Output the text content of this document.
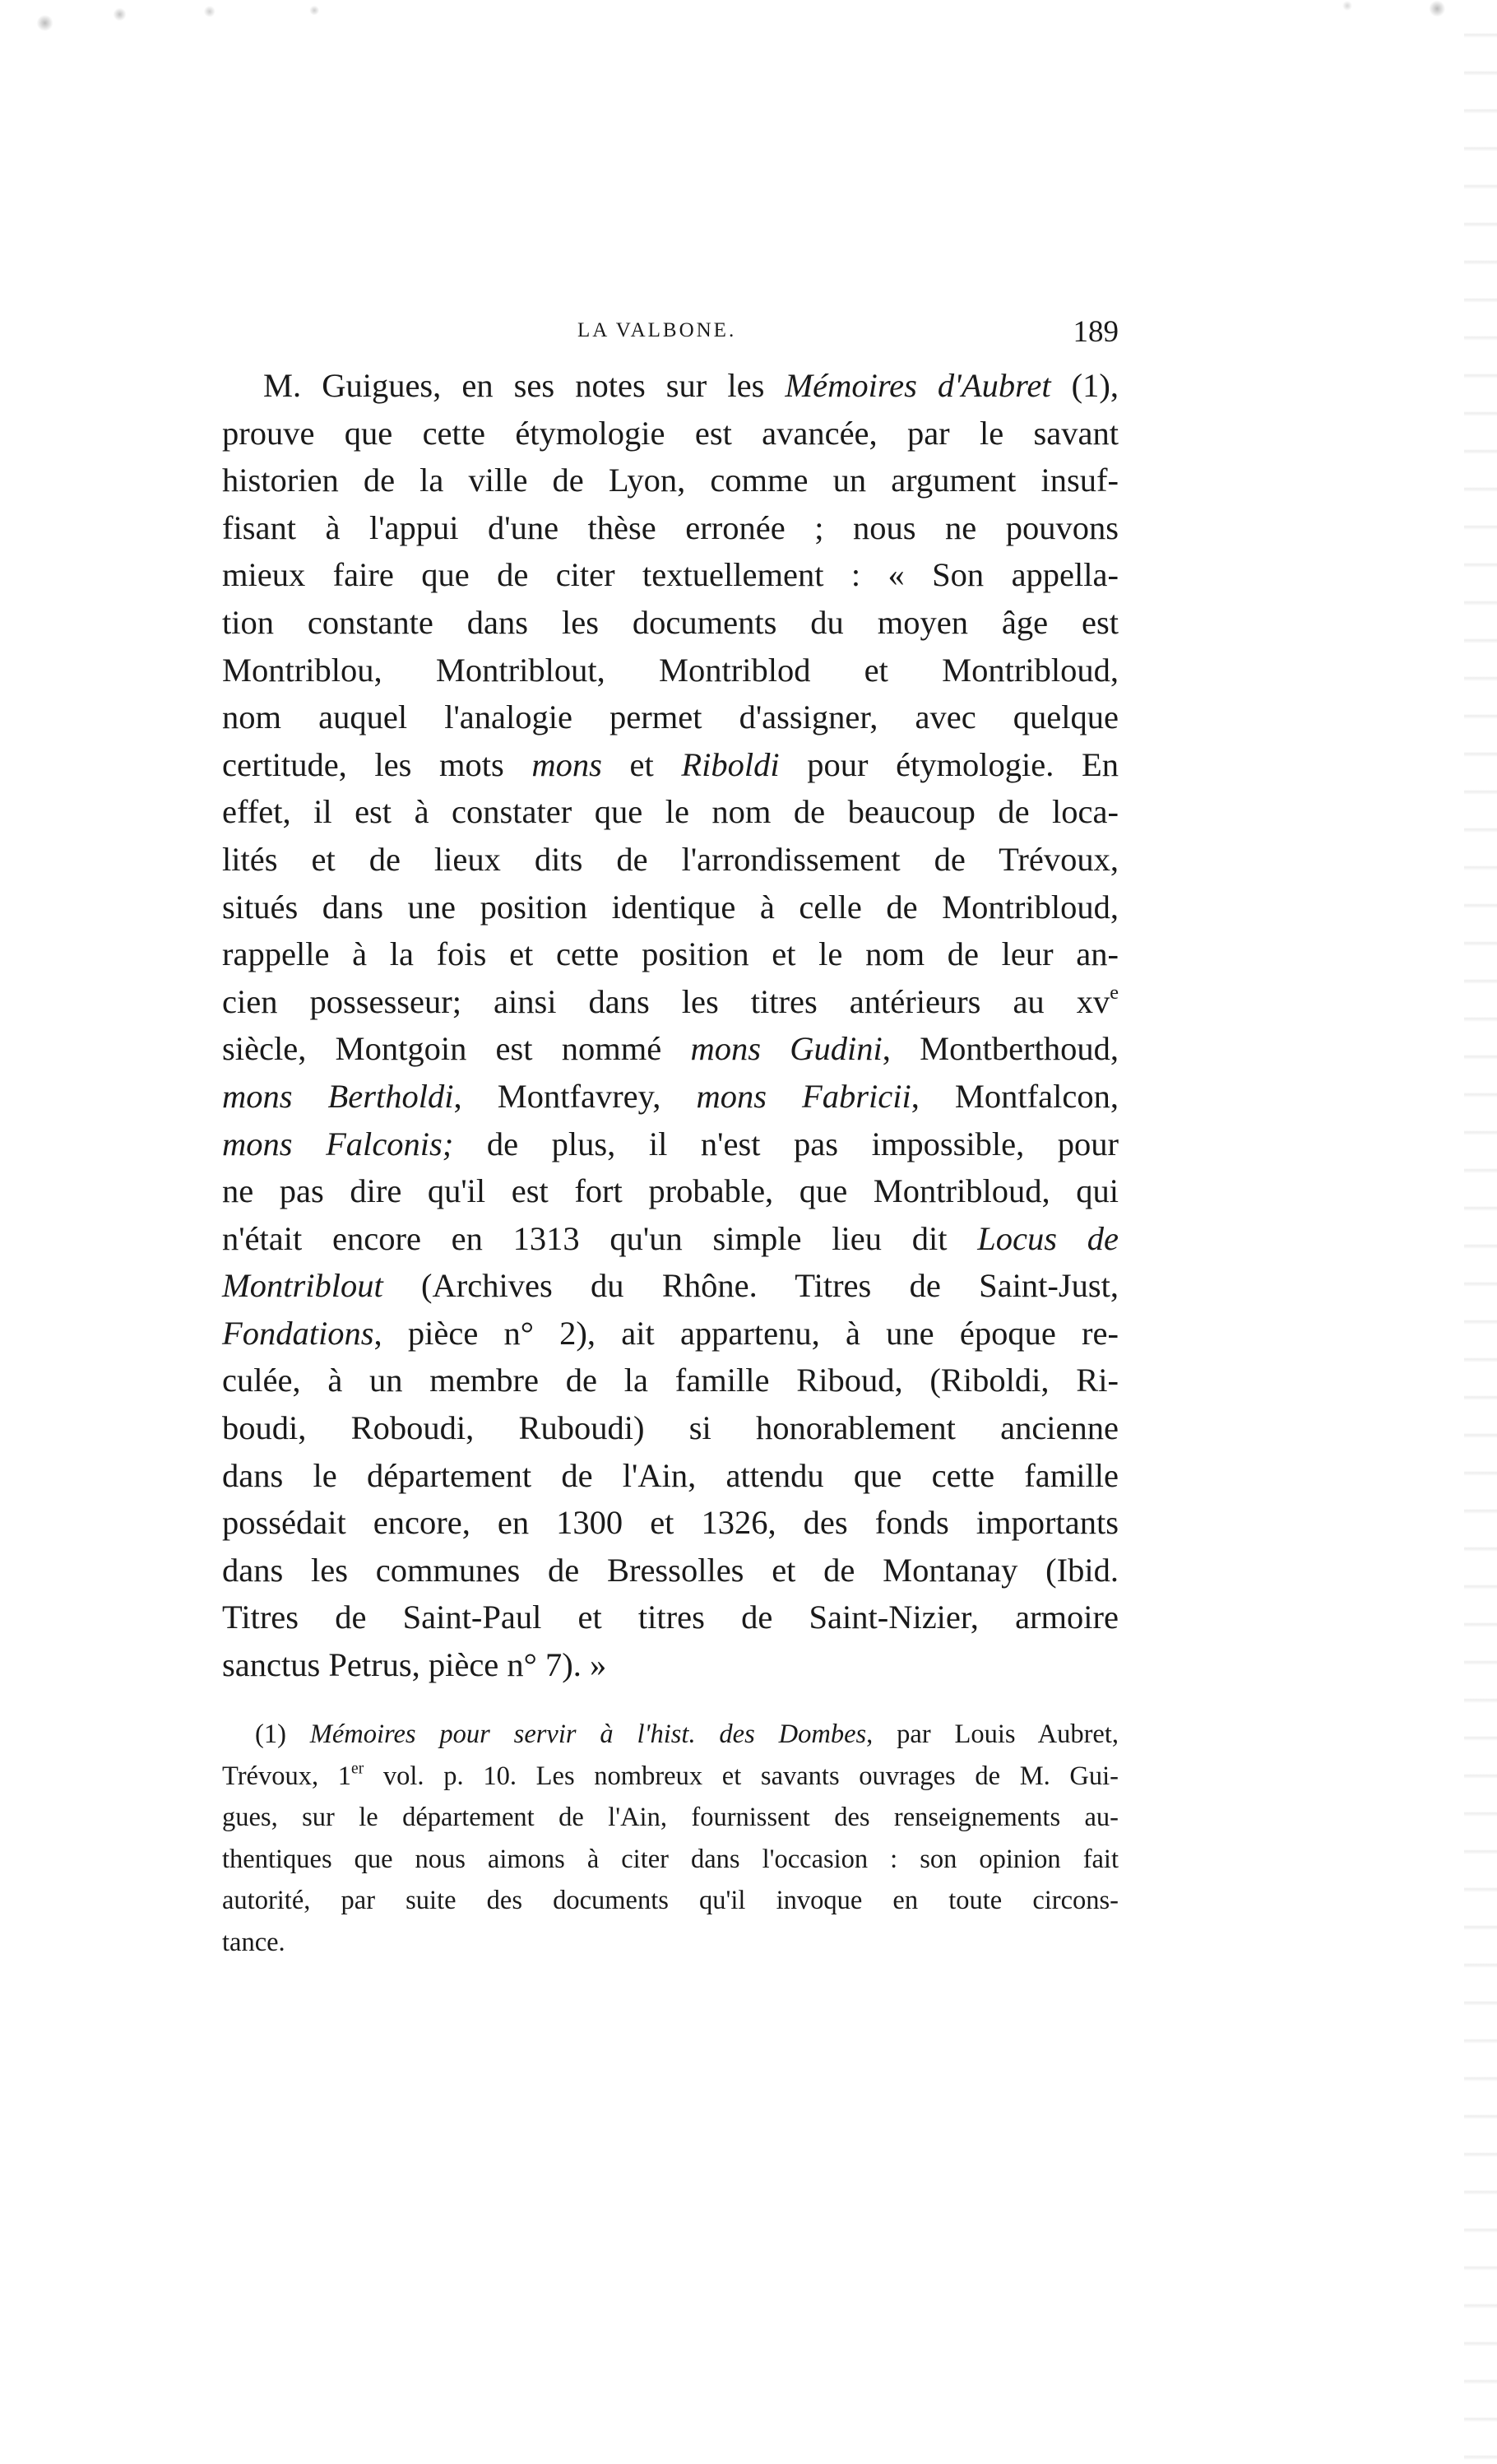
LA VALBONE.	189
M. Guigues, en ses notes sur les Mémoires d'Aubret (1),
prouve que cette étymologie est avancée, par le savant
historien de la ville de Lyon, comme un argument insuf-
fisant à l'appui d'une thèse erronée ; nous ne pouvons
mieux faire que de citer textuellement : « Son appella-
tion constante dans les documents du moyen âge est
Montriblou, Montriblout, Montriblod et Montribloud,
nom auquel l'analogie permet d'assigner, avec quelque
certitude, les mots mons et Riboldi pour étymologie. En
effet, il est à constater que le nom de beaucoup de loca-
lités et de lieux dits de l'arrondissement de Trévoux,
situés dans une position identique à celle de Montribloud,
rappelle à la fois et cette position et le nom de leur an-
cien possesseur; ainsi dans les titres antérieurs au $xv^e$
siècle, Montgoin est nommé mons Gudini, Montberthoud,
mons Bertholdi, Montfavrey, mons Fabricii, Montfalcon,
mons Falconis; de plus, il n'est pas impossible, pour
ne pas dire qu'il est fort probable, que Montribloud, qui
n'était encore en 1313 qu'un simple lieu dit Locus de
Montriblout (Archives du Rhône. Titres de Saint-Just,
Fondations, pièce n° 2), ait appartenu, à une époque re-
culée, à un membre de la famille Riboud, (Riboldi, Ri-
boudi, Roboudi, Ruboudi) si honorablement ancienne
dans le département de l'Ain, attendu que cette famille
possédait encore, en 1300 et 1326, des fonds importants
dans les communes de Bressolles et de Montanay (Ibid.
Titres de Saint-Paul et titres de Saint-Nizier, armoire
sanctus Petrus, pièce n° 7). »
(1) Mémoires pour servir à l'hist. des Dombes, par Louis Aubret,
Trévoux, 1er vol. p. 10. Les nombreux et savants ouvrages de M. Gui-
gues, sur le département de l'Ain, fournissent des renseignements au-
thentiques que nous aimons à citer dans l'occasion : son opinion fait
autorité, par suite des documents qu'il invoque en toute circons-
tance.
